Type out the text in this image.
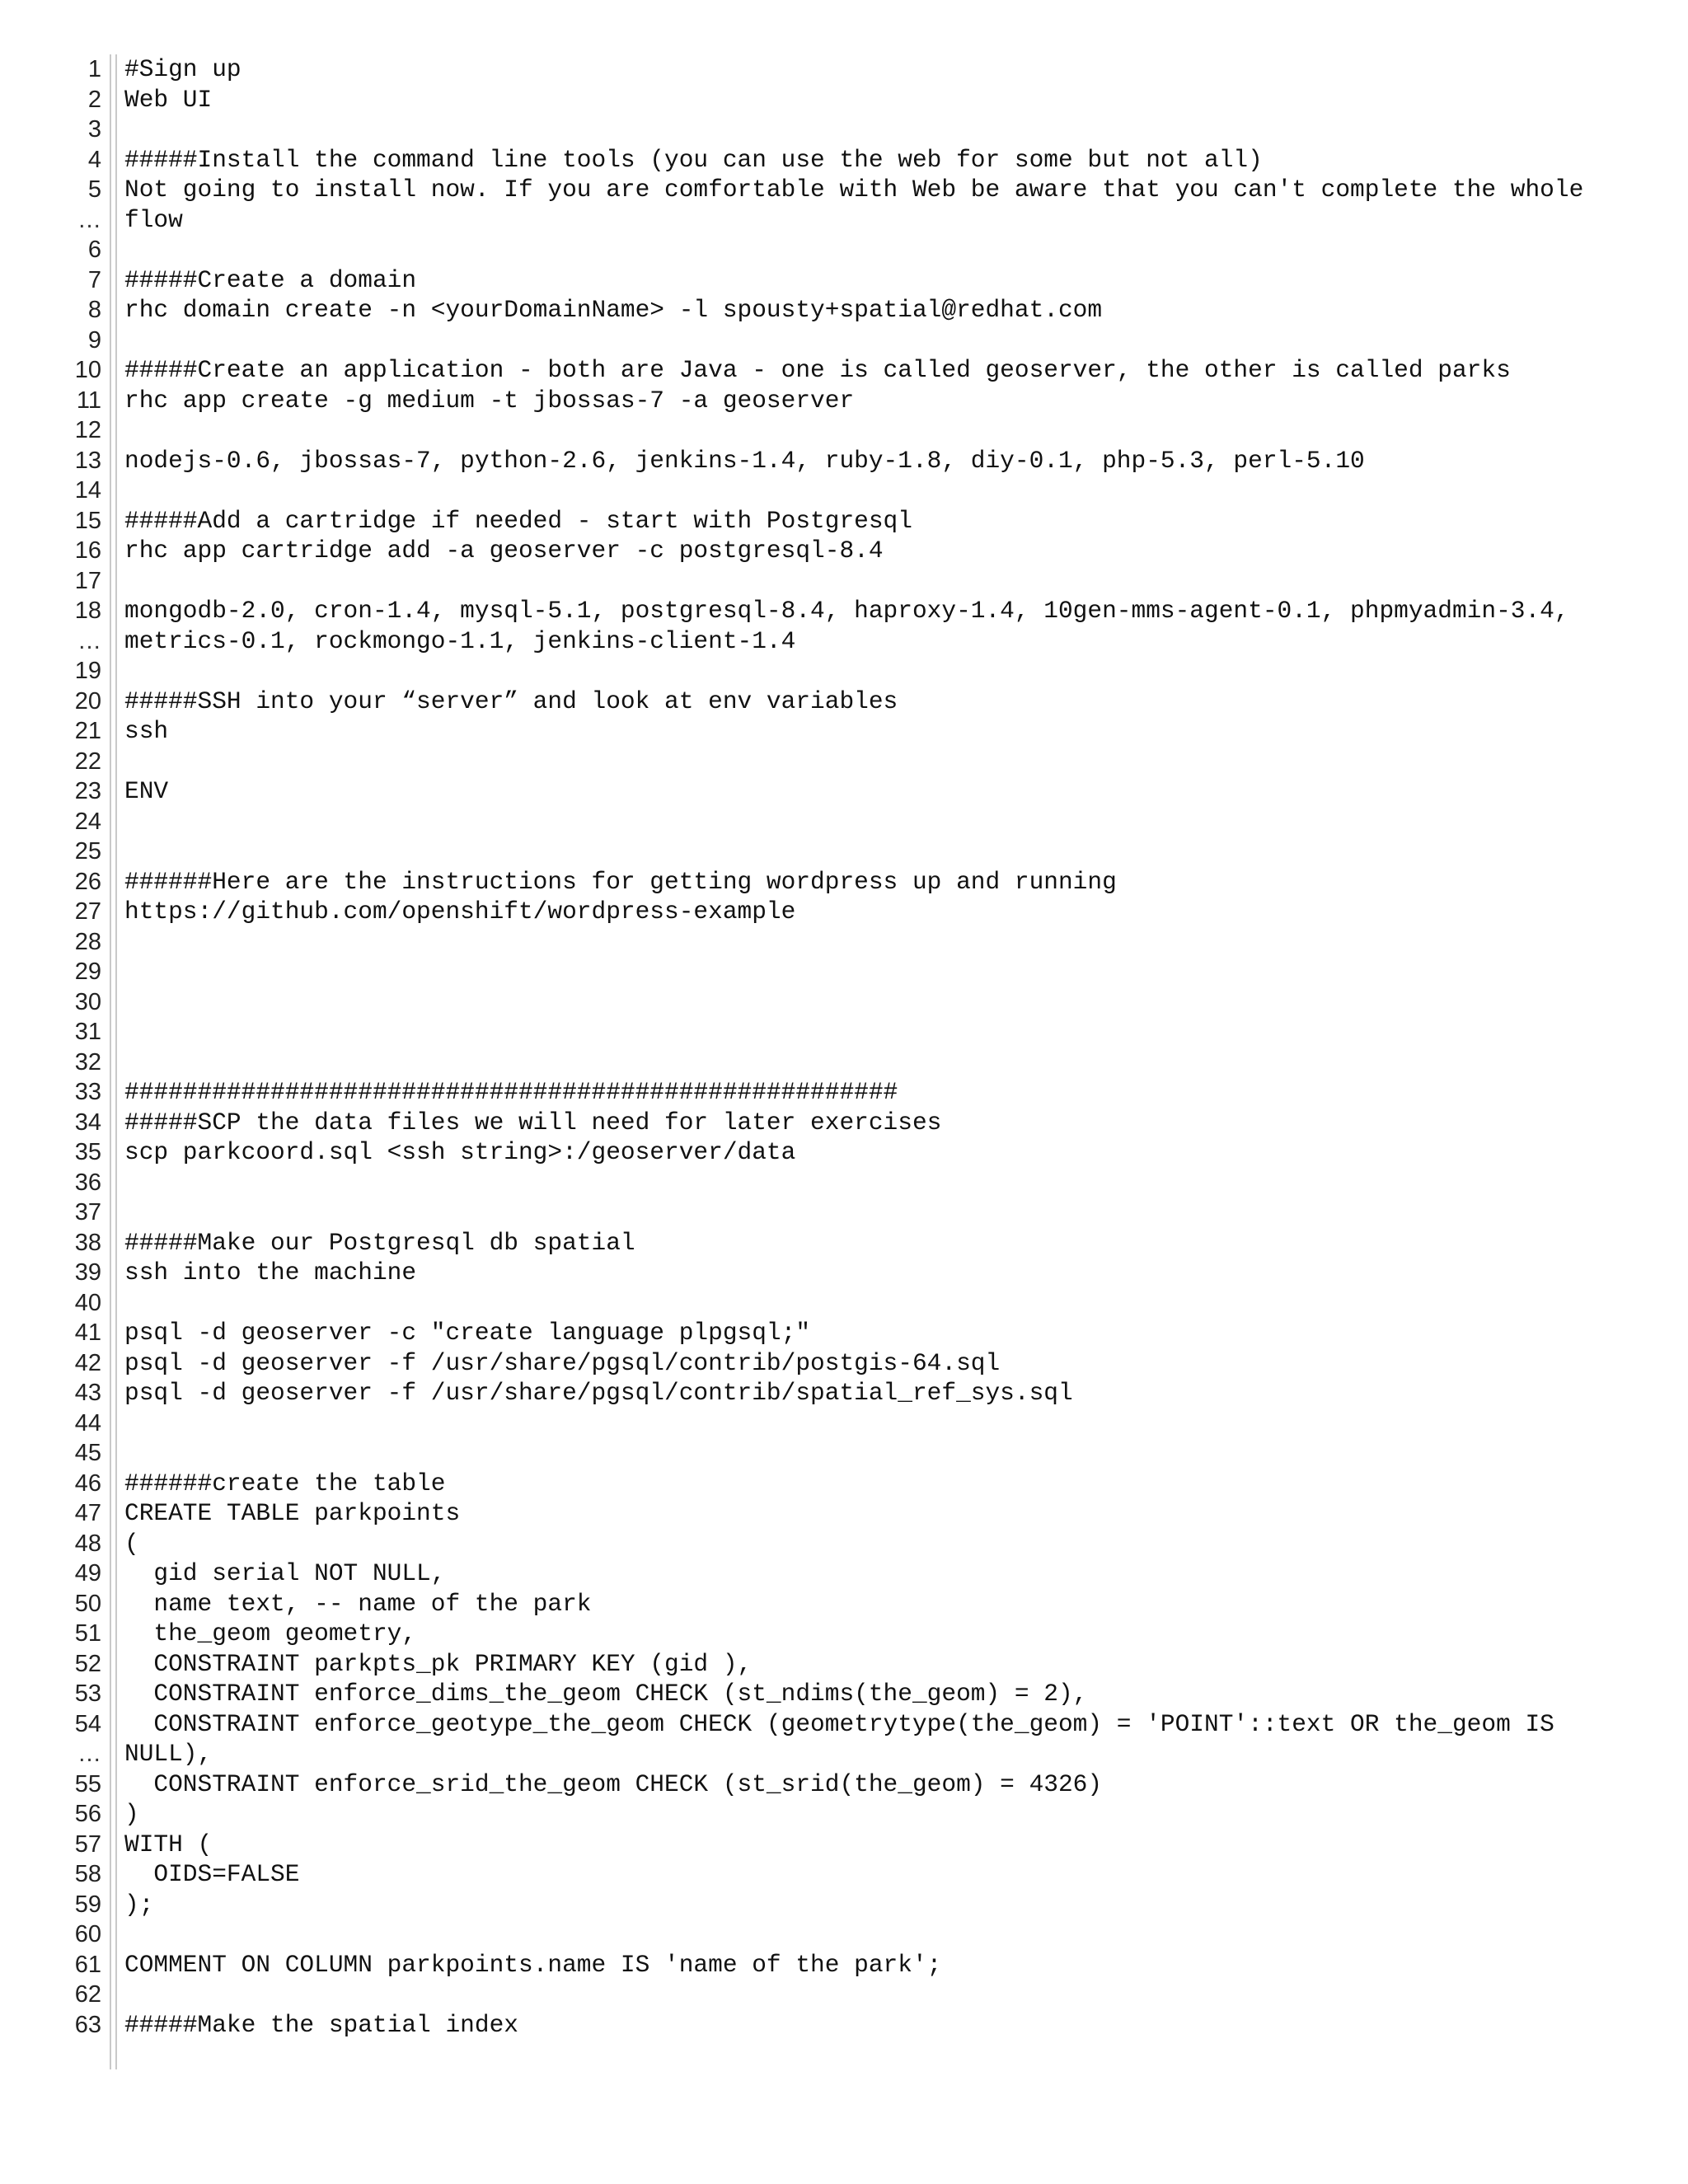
1 #Sign up
2 Web UI
3
4 #####Install the command line tools (you can use the web for some but not all)
5 Not going to install now. If you are comfortable with Web be aware that you can't complete the whole
… flow
6
7 #####Create a domain
8 rhc domain create -n <yourDomainName> -l spousty+spatial@redhat.com
9
10 #####Create an application - both are Java - one is called geoserver, the other is called parks
11 rhc app create -g medium -t jbossas-7 -a geoserver
12
13 nodejs-0.6, jbossas-7, python-2.6, jenkins-1.4, ruby-1.8, diy-0.1, php-5.3, perl-5.10
14
15 #####Add a cartridge if needed - start with Postgresql
16 rhc app cartridge add -a geoserver -c postgresql-8.4
17
18 mongodb-2.0, cron-1.4, mysql-5.1, postgresql-8.4, haproxy-1.4, 10gen-mms-agent-0.1, phpmyadmin-3.4,
… metrics-0.1, rockmongo-1.1, jenkins-client-1.4
19
20 #####SSH into your “server” and look at env variables
21 ssh
22
23 ENV
24
25
26 ######Here are the instructions for getting wordpress up and running
27 https://github.com/openshift/wordpress-example
28
29
30
31
32
33 #####################################################
34 #####SCP the data files we will need for later exercises
35 scp parkcoord.sql <ssh string>:/geoserver/data
36
37
38 #####Make our Postgresql db spatial
39 ssh into the machine
40
41 psql -d geoserver -c "create language plpgsql;"
42 psql -d geoserver -f /usr/share/pgsql/contrib/postgis-64.sql
43 psql -d geoserver -f /usr/share/pgsql/contrib/spatial_ref_sys.sql
44
45
46 ######create the table
47 CREATE TABLE parkpoints
48 (
49 gid serial NOT NULL,
50 name text, -- name of the park
51 the_geom geometry,
52 CONSTRAINT parkpts_pk PRIMARY KEY (gid ),
53 CONSTRAINT enforce_dims_the_geom CHECK (st_ndims(the_geom) = 2),
54 CONSTRAINT enforce_geotype_the_geom CHECK (geometrytype(the_geom) = 'POINT'::text OR the_geom IS
… NULL),
55 CONSTRAINT enforce_srid_the_geom CHECK (st_srid(the_geom) = 4326)
56 )
57 WITH (
58 OIDS=FALSE
59 );
60
61 COMMENT ON COLUMN parkpoints.name IS 'name of the park';
62
63 #####Make the spatial index
